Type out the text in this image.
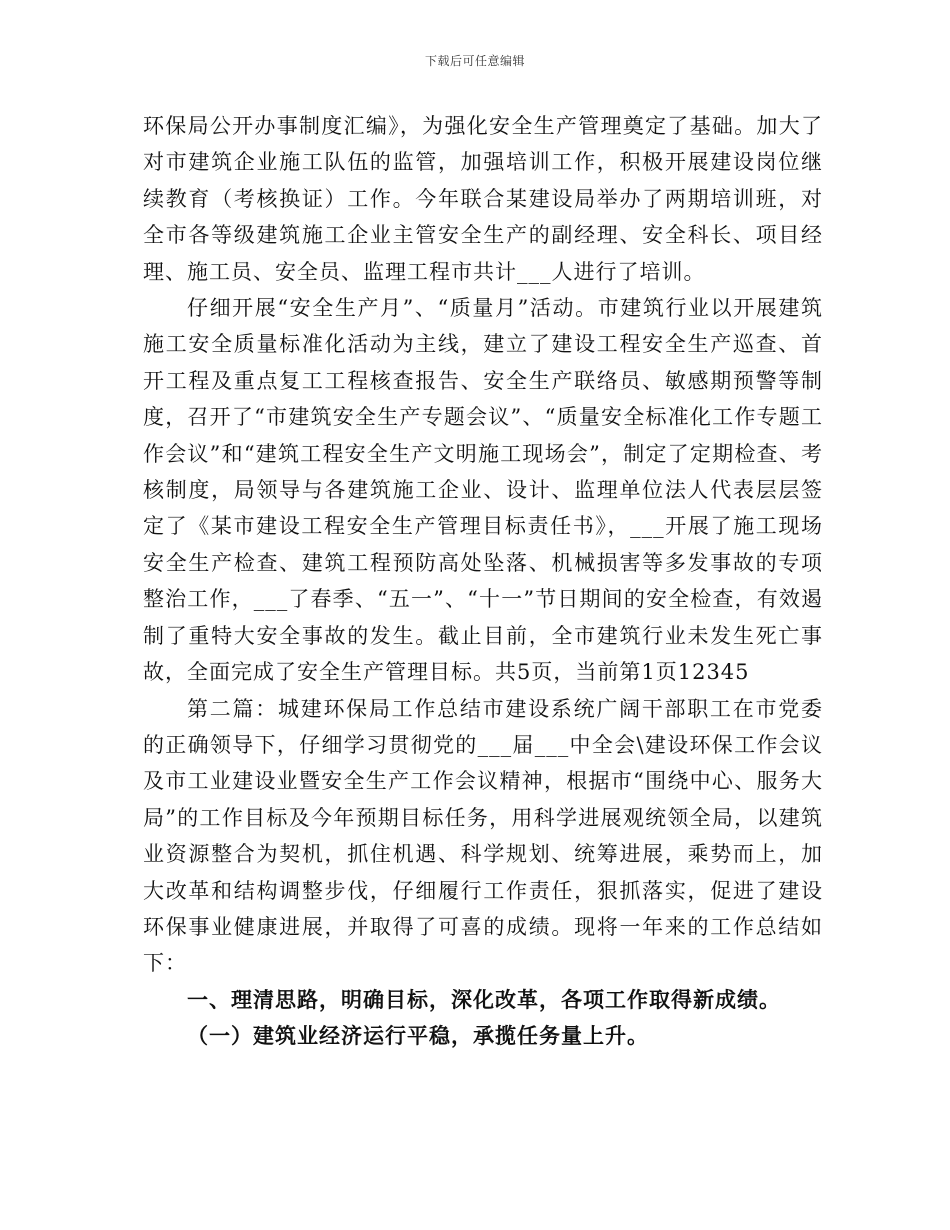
下载后可任意编辑

环保局公开办事制度汇编》，为强化安全生产管理奠定了基础。加大了对市建筑企业施工队伍的监管，加强培训工作，积极开展建设岗位继续教育（考核换证）工作。今年联合某建设局举办了两期培训班，对全市各等级建筑施工企业主管安全生产的副经理、安全科长、项目经理、施工员、安全员、监理工程市共计___人进行了培训。

仔细开展“安全生产月”、“质量月”活动。市建筑行业以开展建筑施工安全质量标准化活动为主线，建立了建设工程安全生产巡查、首开工程及重点复工工程核查报告、安全生产联络员、敏感期预警等制度，召开了“市建筑安全生产专题会议”、“质量安全标准化工作专题工作会议”和“建筑工程安全生产文明施工现场会”，制定了定期检查、考核制度，局领导与各建筑施工企业、设计、监理单位法人代表层层签定了《某市建设工程安全生产管理目标责任书》，___开展了施工现场安全生产检查、建筑工程预防高处坠落、机械损害等多发事故的专项整治工作，___了春季、“五一”、“十一”节日期间的安全检查，有效遏制了重特大安全事故的发生。截止目前，全市建筑行业未发生死亡事故，全面完成了安全生产管理目标。共5页，当前第1页12345

第二篇：城建环保局工作总结市建设系统广阔干部职工在市党委的正确领导下，仔细学习贯彻党的___届___中全会\建设环保工作会议及市工业建设业暨安全生产工作会议精神，根据市“围绕中心、服务大局”的工作目标及今年预期目标任务，用科学进展观统领全局，以建筑业资源整合为契机，抓住机遇、科学规划、统筹进展，乘势而上，加大改革和结构调整步伐，仔细履行工作责任，狠抓落实，促进了建设环保事业健康进展，并取得了可喜的成绩。现将一年来的工作总结如下：

一、理清思路，明确目标，深化改革，各项工作取得新成绩。

（一）建筑业经济运行平稳，承揽任务量上升。
